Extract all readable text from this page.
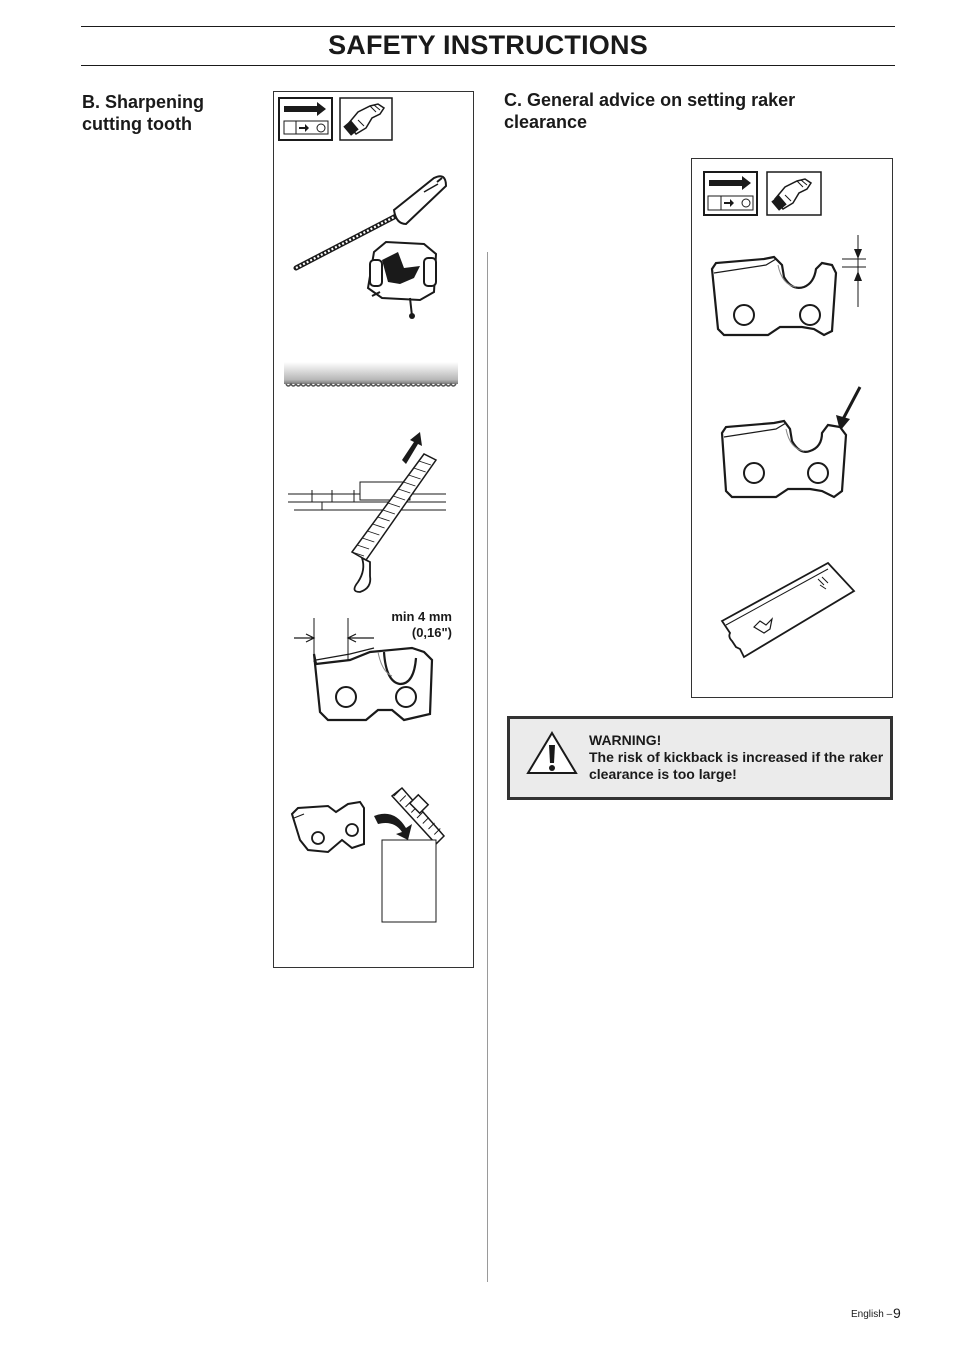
SAFETY INSTRUCTIONS
B. Sharpening cutting tooth
C. General advice on setting raker clearance
min 4 mm
(0,16")
WARNING!
The risk of kickback is increased if the raker clearance is too large!
English – 9
